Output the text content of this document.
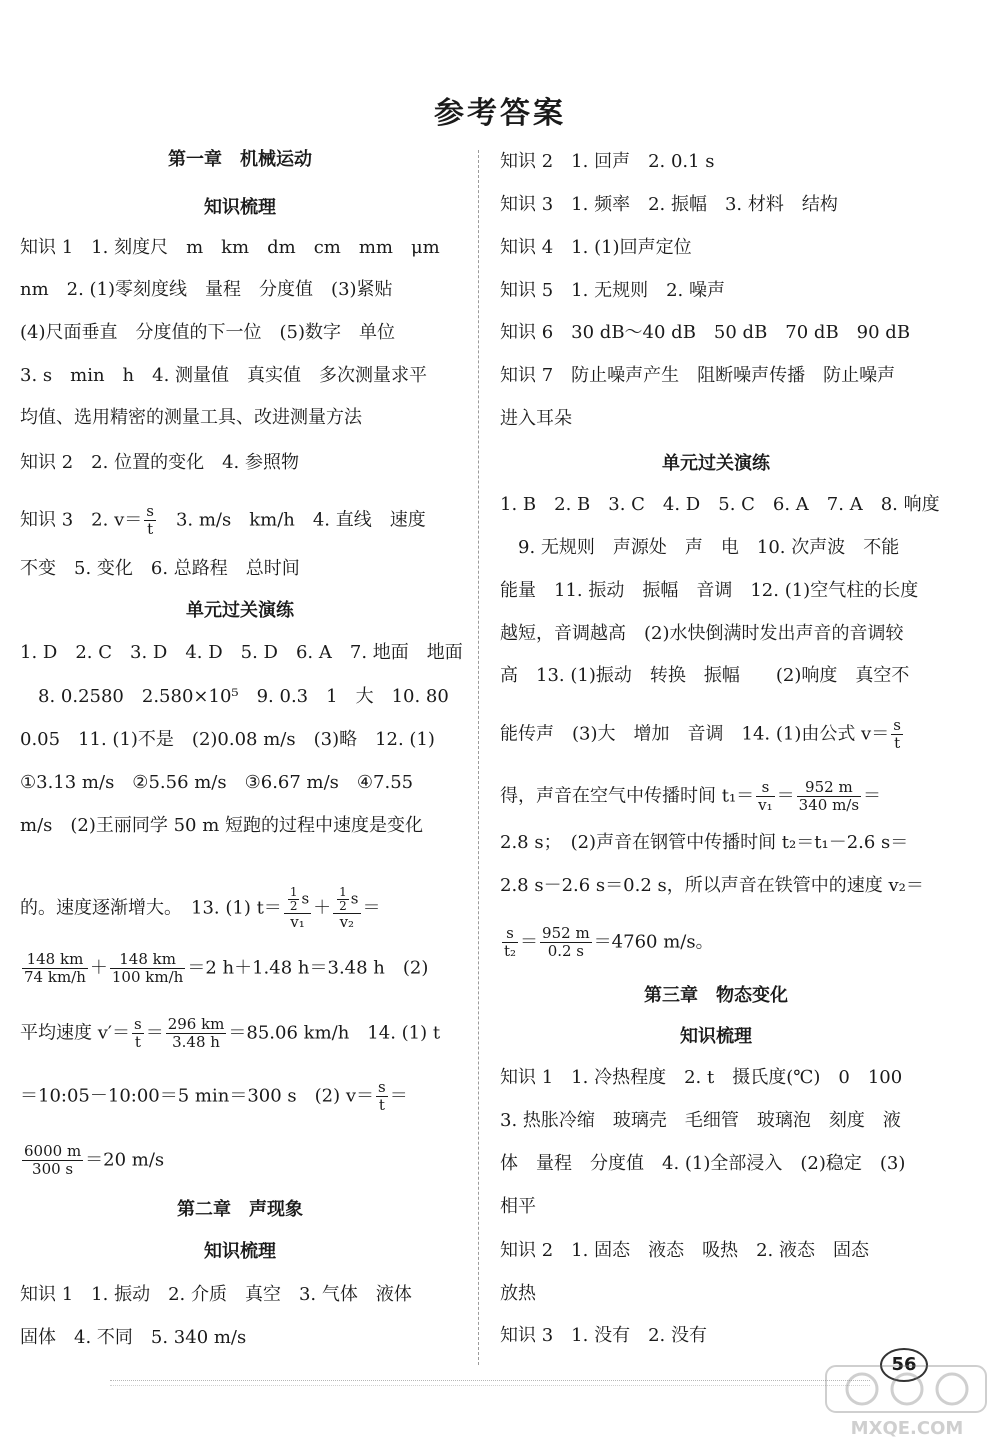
参考答案
第一章　机械运动
知识梳理
知识 1　1. 刻度尺　m　km　dm　cm　mm　μm
nm　2. (1)零刻度线　量程　分度值　(3)紧贴
(4)尺面垂直　分度值的下一位　(5)数字　单位
3. s　min　h　4. 测量值　真实值　多次测量求平
均值、选用精密的测量工具、改进测量方法
知识 2　2. 位置的变化　4. 参照物
知识 3　2. $v= \frac{s}{t}$ 　3. m/s　km/h　4. 直线　速度
不变　5. 变化　6. 总路程　总时间
单元过关演练
1. D　2. C　3. D　4. D　5. D　6. A　7. 地面　地面
　8. 0.2580　2.580×10⁵　9. 0.3　1　大　10. 80
0.05　11. (1)不是　(2)0.08 m/s　(3)略　12. (1)
①3.13 m/s　②5.56 m/s　③6.67 m/s　④7.55
m/s　(2)王丽同学 50 m 短跑的过程中速度是变化
的。速度逐渐增大。　13. (1) $t= \frac{\frac{1}{2} s}{\text{v₁}} + \frac{\frac{1}{2} s}{\text{v₂}}$ ＝
$\frac{148 km}{74 km/h} + \frac{148 km}{100 km/h} =2$ h＋1.48 h＝3.48 h　(2)
平均速度 $v'= \frac{s}{t} = \frac{296 km}{3.48 h} =85.06$ km/h　14. (1) t
＝10:05－10:00＝5 min＝300 s　(2) $v= \frac{s}{t}$ ＝
$\frac{6000 m}{300 s} =20$ m/s
第二章　声现象
知识梳理
知识 1　1. 振动　2. 介质　真空　3. 气体　液体
固体　4. 不同　5. 340 m/s
知识 2　1. 回声　2. 0.1 s
知识 3　1. 频率　2. 振幅　3. 材料　结构
知识 4　1. (1)回声定位
知识 5　1. 无规则　2. 噪声
知识 6　30 dB～40 dB　50 dB　70 dB　90 dB
知识 7　防止噪声产生　阻断噪声传播　防止噪声
进入耳朵
单元过关演练
1. B　2. B　3. C　4. D　5. C　6. A　7. A　8. 响度
　9. 无规则　声源处　声　电　10. 次声波　不能
能量　11. 振动　振幅　音调　12. (1)空气柱的长度
越短，音调越高　(2)水快倒满时发出声音的音调较
高　13. (1)振动　转换　振幅　　(2)响度　真空不
能传声　(3)大　增加　音调　14. (1)由公式 $v= \frac{s}{t}$
得，声音在空气中传播时间 $t_1= \frac{s}{\text{v₁}} = \frac{952 m}{340 m/s}$ ＝
2.8 s；　(2)声音在钢管中传播时间 t₂＝t₁－2.6 s＝
2.8 s－2.6 s＝0.2 s，所以声音在铁管中的速度 v₂＝
$\frac{s}{\text{t₂}} = \frac{952 m}{0.2 s} =4760$ m/s。
第三章　物态变化
知识梳理
知识 1　1. 冷热程度　2. t　摄氏度(℃)　0　100
3. 热胀冷缩　玻璃壳　毛细管　玻璃泡　刻度　液
体　量程　分度值　4. (1)全部浸入　(2)稳定　(3)
相平
知识 2　1. 固态　液态　吸热　2. 液态　固态
放热
知识 3　1. 没有　2. 没有
56
MXQE.COM
